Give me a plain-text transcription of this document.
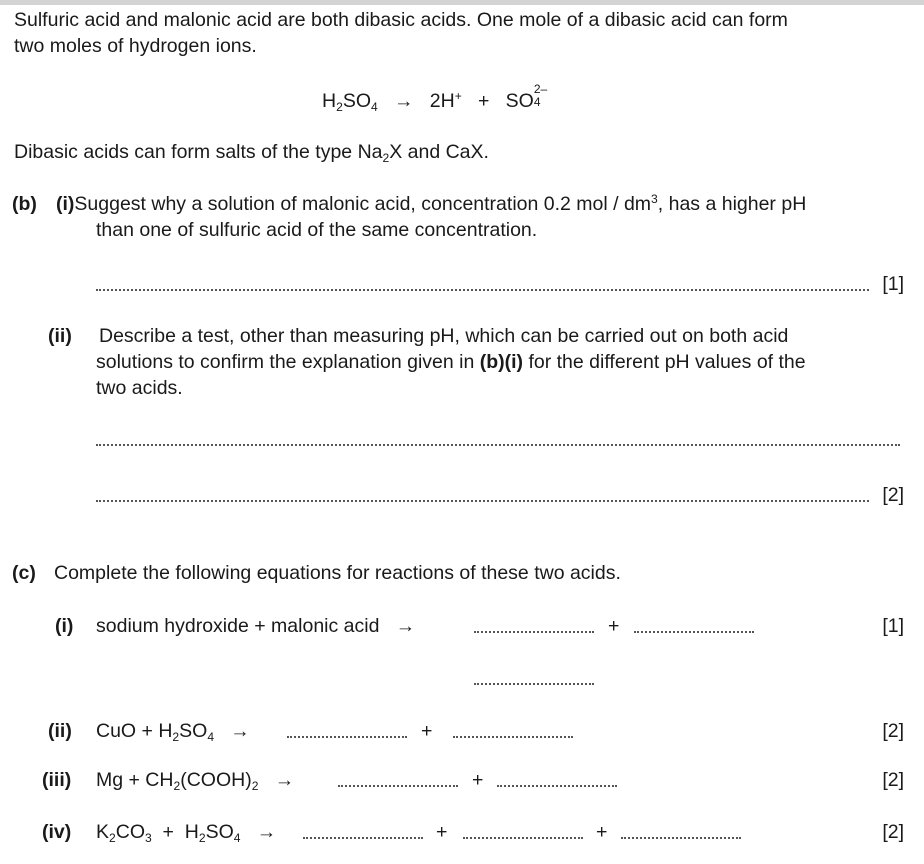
Sulfuric acid and malonic acid are both dibasic acids. One mole of a dibasic acid can form
two moles of hydrogen ions.
$H_2SO_4 \to 2H^+$ + SO 4
2–
Dibasic acids can form salts of the type $Na_2X$ and CaX.
(b) (i)Suggest why a solution of malonic acid, concentration 0.2 mol / $dm^3$, has a higher pH
than one of sulfuric acid of the same concentration.
[1]
(ii) Describe a test, other than measuring pH, which can be carried out on both acid
solutions to confirm the explanation given in (b)(i) for the different pH values of the
two acids.
[2]
(c) Complete the following equations for reactions of these two acids.
(i) sodium hydroxide + malonic acid →	+	[1]
(ii) CuO + $H_2SO_4$ →	+	[2]
(iii) $Mg + CH_2(COOH)_2$ →	+	[2]
(iv) $K_2CO_3 + H_2SO_4$ →	+	+	[2]
